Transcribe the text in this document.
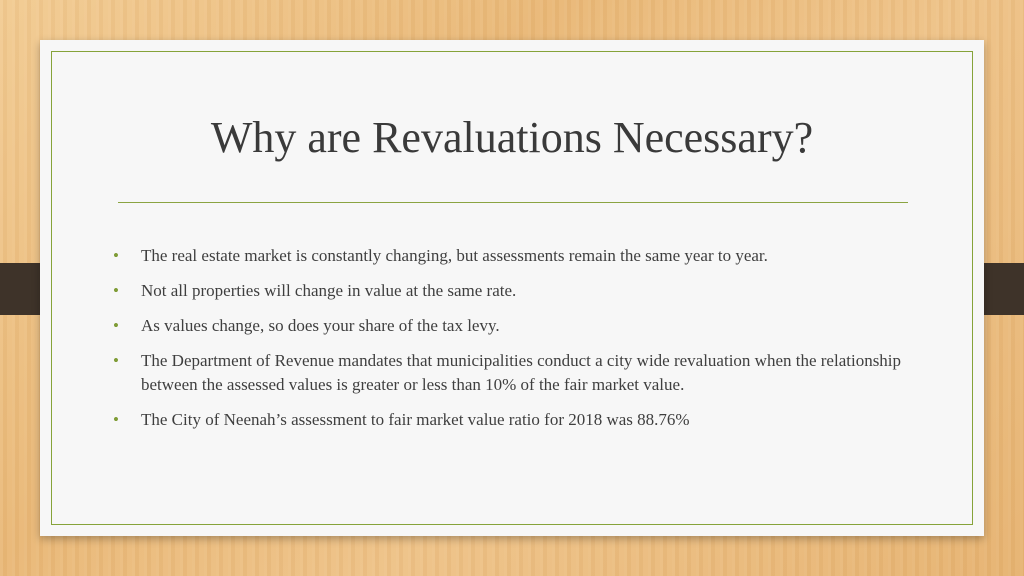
Why are Revaluations Necessary?
• The real estate market is constantly changing, but assessments remain the same year to year.
• Not all properties will change in value at the same rate.
• As values change, so does your share of the tax levy.
• The Department of Revenue mandates that municipalities conduct a city wide revaluation when the relationship between the assessed values is greater or less than 10% of the fair market value.
• The City of Neenah’s assessment to fair market value ratio for 2018 was 88.76%
